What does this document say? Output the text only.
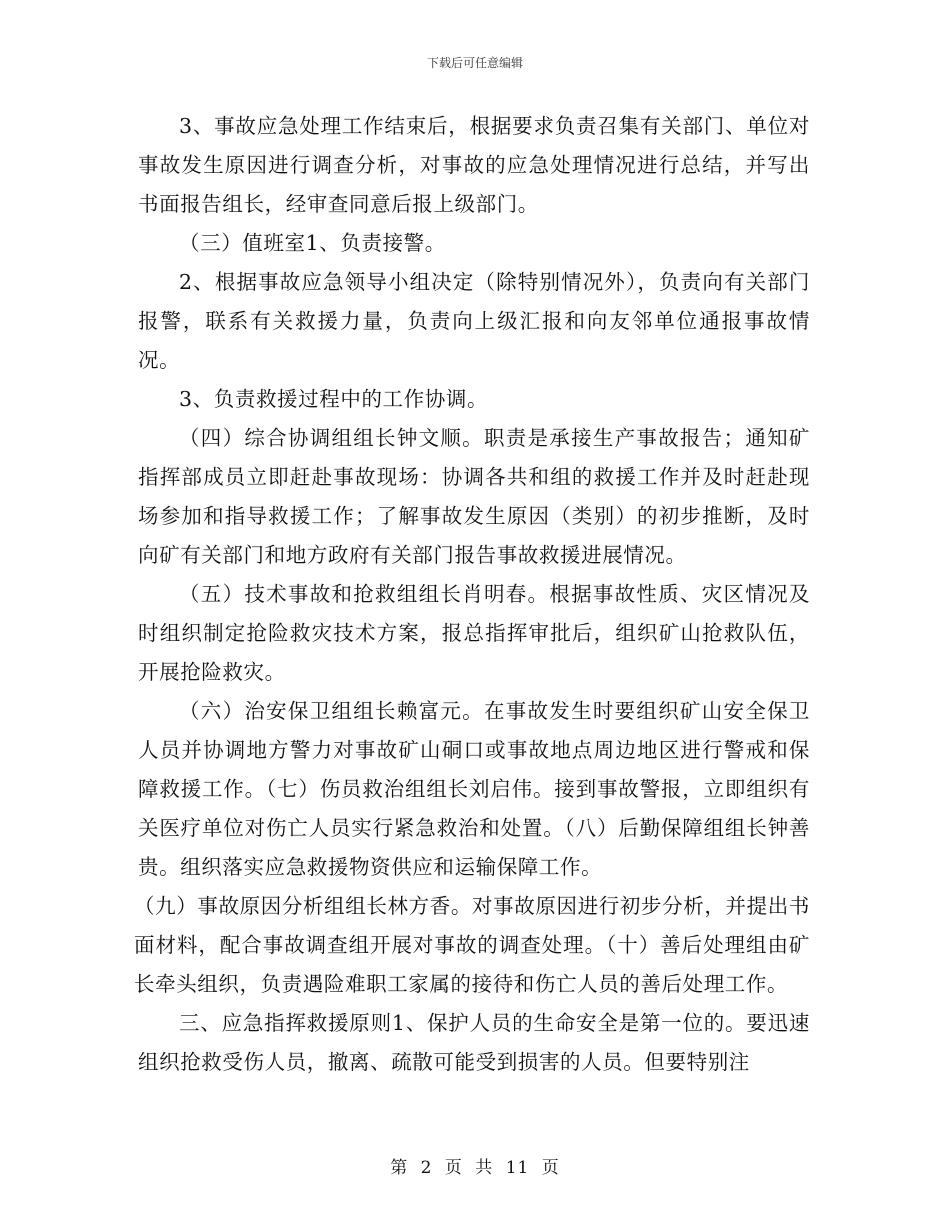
下载后可任意编辑

3、事故应急处理工作结束后，根据要求负责召集有关部门、单位对事故发生原因进行调查分析，对事故的应急处理情况进行总结，并写出书面报告组长，经审查同意后报上级部门。

（三）值班室1、负责接警。

2、根据事故应急领导小组决定（除特别情况外），负责向有关部门报警，联系有关救援力量，负责向上级汇报和向友邻单位通报事故情况。

3、负责救援过程中的工作协调。

（四）综合协调组组长钟文顺。职责是承接生产事故报告；通知矿指挥部成员立即赶赴事故现场：协调各共和组的救援工作并及时赶赴现场参加和指导救援工作；了解事故发生原因（类别）的初步推断，及时向矿有关部门和地方政府有关部门报告事故救援进展情况。

（五）技术事故和抢救组组长肖明春。根据事故性质、灾区情况及时组织制定抢险救灾技术方案，报总指挥审批后，组织矿山抢救队伍，开展抢险救灾。

（六）治安保卫组组长赖富元。在事故发生时要组织矿山安全保卫人员并协调地方警力对事故矿山硐口或事故地点周边地区进行警戒和保障救援工作。（七）伤员救治组组长刘启伟。接到事故警报，立即组织有关医疗单位对伤亡人员实行紧急救治和处置。（八）后勤保障组组长钟善贵。组织落实应急救援物资供应和运输保障工作。

（九）事故原因分析组组长林方香。对事故原因进行初步分析，并提出书面材料，配合事故调查组开展对事故的调查处理。（十）善后处理组由矿长牵头组织，负责遇险难职工家属的接待和伤亡人员的善后处理工作。

三、应急指挥救援原则1、保护人员的生命安全是第一位的。要迅速组织抢救受伤人员，撤离、疏散可能受到损害的人员。但要特别注

第 2 页 共 11 页
